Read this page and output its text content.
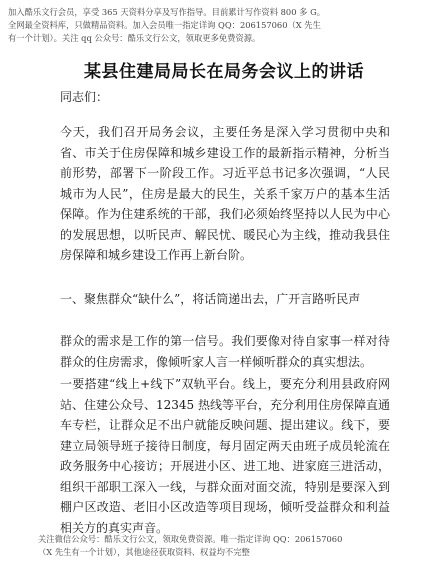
加入酷乐文行会员，享受 365 天资料分享及写作指导。目前累计写作资料 800 多 G。
全网最全资料库，只做精品资料。加入会员唯一指定详询 QQ：206157060（X 先生
有一个计划）。关注 qq 公众号：酷乐文行公文，领取更多免费资源。
某县住建局局长在局务会议上的讲话
同志们：
今天，我们召开局务会议，主要任务是深入学习贯彻中央和省、市关于住房保障和城乡建设工作的最新指示精神，分析当前形势，部署下一阶段工作。习近平总书记多次强调，“人民城市为人民”，住房是最大的民生，关系千家万户的基本生活保障。作为住建系统的干部，我们必须始终坚持以人民为中心的发展思想，以听民声、解民忧、暖民心为主线，推动我县住房保障和城乡建设工作再上新台阶。
一、聚焦群众“缺什么”，将话筒递出去，广开言路听民声
群众的需求是工作的第一信号。我们要像对待自家事一样对待群众的住房需求，像倾听家人言一样倾听群众的真实想法。
一要搭建“线上+线下”双轨平台。线上，要充分利用县政府网站、住建公众号、12345 热线等平台，充分利用住房保障直通车专栏，让群众足不出户就能反映问题、提出建议。线下，要建立局领导班子接待日制度，每月固定两天由班子成员轮流在政务服务中心接访；开展进小区、进工地、进家庭三进活动，组织干部职工深入一线，与群众面对面交流，特别是要深入到棚户区改造、老旧小区改造等项目现场，倾听受益群众和利益相关方的真实声音。
关注微信公众号：酷乐文行公文，领取免费资源。唯一指定详询 QQ：206157060
（X 先生有一个计划），其他途径获取资料、权益均不完整
